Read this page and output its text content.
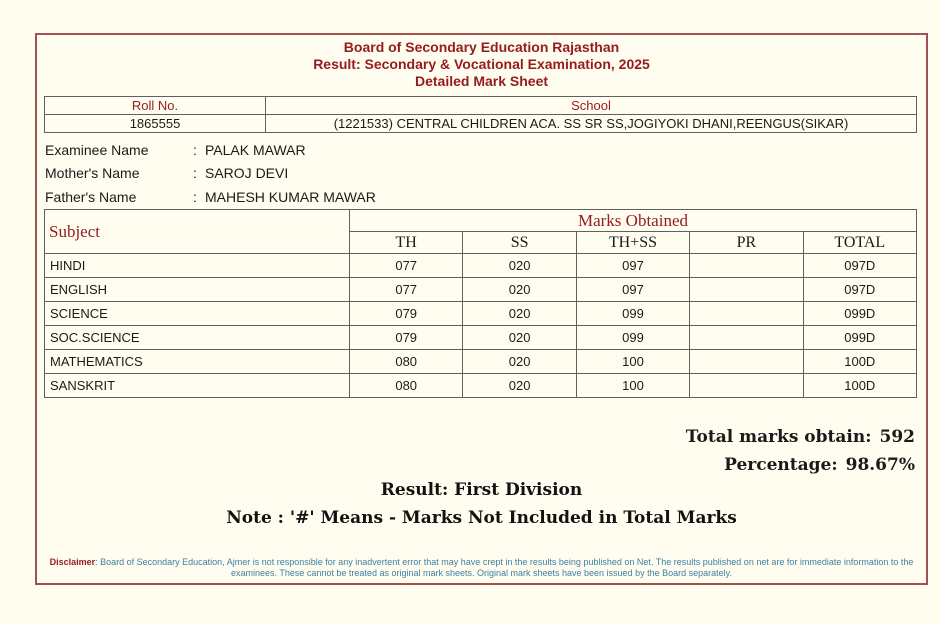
Board of Secondary Education Rajasthan
Result: Secondary & Vocational Examination, 2025
Detailed Mark Sheet
Roll No.	School
1865555	(1221533) CENTRAL CHILDREN ACA. SS SR SS,JOGIYOKI DHANI,REENGUS(SIKAR)
Examinee Name	: PALAK MAWAR
Mother's Name	: SAROJ DEVI
Father's Name	: MAHESH KUMAR MAWAR
Subject	Marks Obtained				
	TH	SS	TH+SS	PR	TOTAL
HINDI	077	020	097		097D
ENGLISH	077	020	097		097D
SCIENCE	079	020	099		099D
SOC.SCIENCE	079	020	099		099D
MATHEMATICS	080	020	100		100D
SANSKRIT	080	020	100		100D
Total marks obtain: 592
Percentage: 98.67%
Result: First Division
Note : '#' Means - Marks Not Included in Total Marks
Disclaimer: Board of Secondary Education, Ajmer is not responsible for any inadvertent error that may have crept in the results being published on Net. The results published on net are for immediate information to the examinees. These cannot be treated as original mark sheets. Original mark sheets have been issued by the Board separately.
